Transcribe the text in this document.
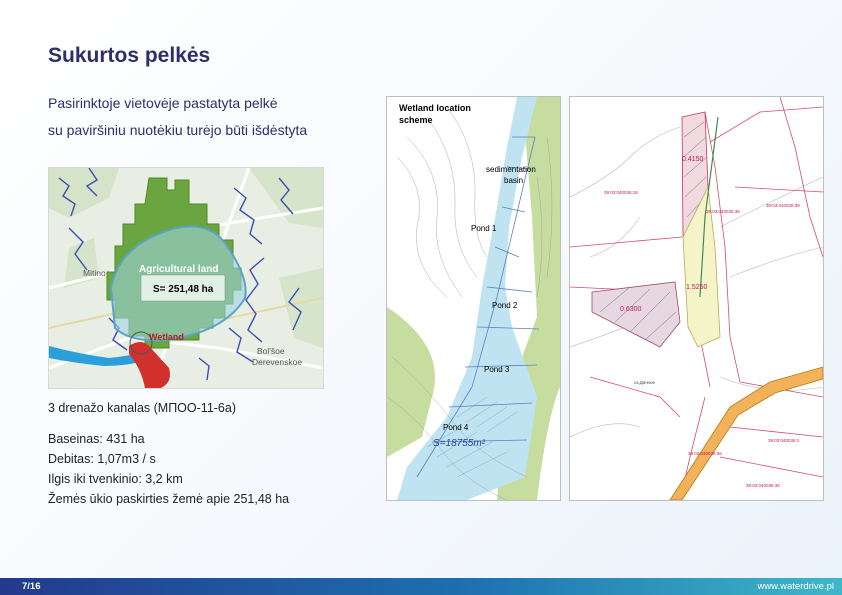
Sukurtos pelkės
Pasirinktoje vietovėje pastatyta pelkė
su paviršiniu nuotėkiu turėjo būti išdėstyta
Agricultural land
S= 251,48 ha
Wetland
Mitino
Bol'šoe
Derevenskoe
3 drenažo kanalas (МПОО-11-6а)
Baseinas: 431 ha
Debitas: 1,07m3 / s
Ilgis iki tvenkinio: 3,2 km
Žemės ūkio paskirties žemė apie 251,48 ha
Wetland location
scheme
sedimentation
basin
Pond 1
Pond 2
Pond 3
Pond 4
S=18755m²
0.4150
0.6300
1.5250
39:03:040036:18
39:03:040036:38
39:03:040036:39
39:03:040036:1
39:03:040036:36
39:03:040036:35
оз.Дачное
7/16	www.waterdrive.pl
